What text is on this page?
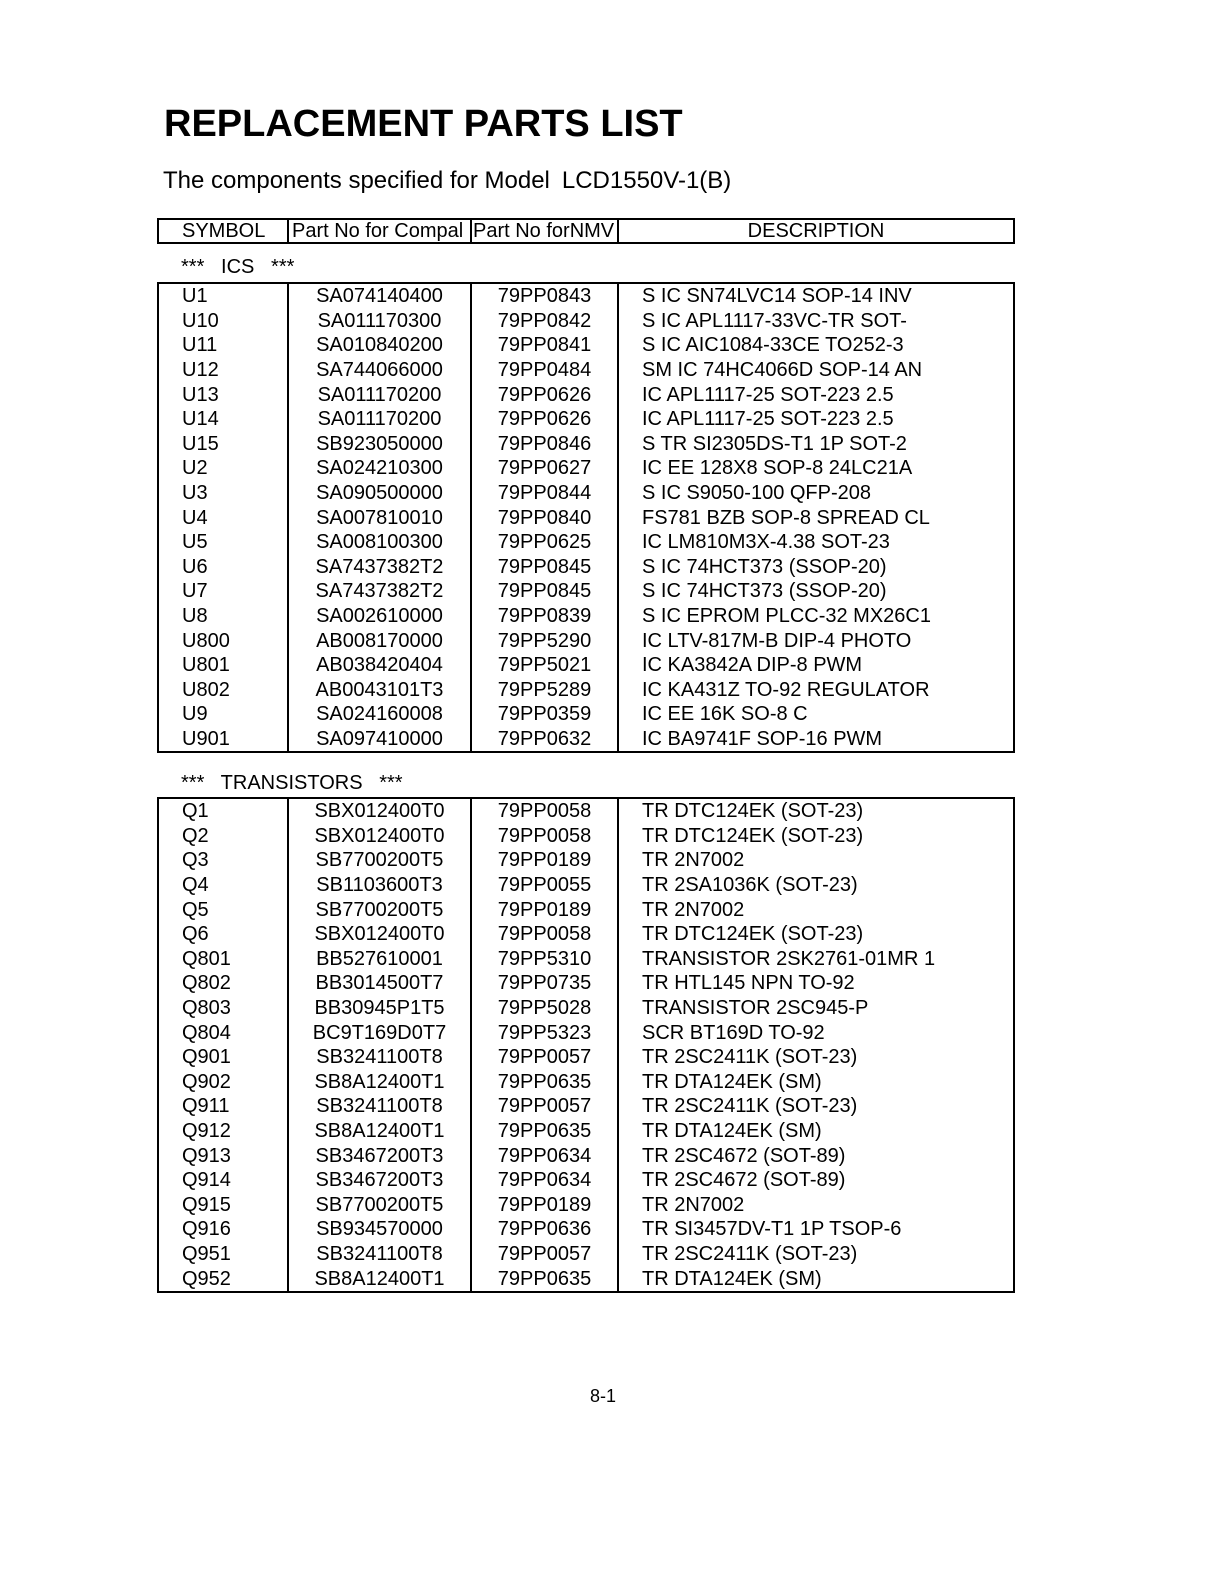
REPLACEMENT PARTS LIST
The components specified for Model LCD1550V-1(B)
SYMBOL	Part No for Compal	Part No forNMV	DESCRIPTION
***   ICS   ***
U1	SA074140400	79PP0843	S IC SN74LVC14 SOP-14 INV
U10	SA011170300	79PP0842	S IC APL1117-33VC-TR SOT-
U11	SA010840200	79PP0841	S IC AIC1084-33CE TO252-3
U12	SA744066000	79PP0484	SM IC 74HC4066D SOP-14 AN
U13	SA011170200	79PP0626	IC APL1117-25 SOT-223 2.5
U14	SA011170200	79PP0626	IC APL1117-25 SOT-223 2.5
U15	SB923050000	79PP0846	S TR SI2305DS-T1 1P SOT-2
U2	SA024210300	79PP0627	IC EE 128X8 SOP-8 24LC21A
U3	SA090500000	79PP0844	S IC S9050-100 QFP-208
U4	SA007810010	79PP0840	FS781 BZB SOP-8 SPREAD CL
U5	SA008100300	79PP0625	IC LM810M3X-4.38 SOT-23
U6	SA7437382T2	79PP0845	S IC 74HCT373 (SSOP-20)
U7	SA7437382T2	79PP0845	S IC 74HCT373 (SSOP-20)
U8	SA002610000	79PP0839	S IC EPROM PLCC-32 MX26C1
U800	AB008170000	79PP5290	IC LTV-817M-B DIP-4 PHOTO
U801	AB038420404	79PP5021	IC KA3842A DIP-8 PWM
U802	AB0043101T3	79PP5289	IC KA431Z TO-92 REGULATOR
U9	SA024160008	79PP0359	IC EE 16K SO-8 C
U901	SA097410000	79PP0632	IC BA9741F SOP-16 PWM
***   TRANSISTORS   ***
Q1	SBX012400T0	79PP0058	TR DTC124EK (SOT-23)
Q2	SBX012400T0	79PP0058	TR DTC124EK (SOT-23)
Q3	SB7700200T5	79PP0189	TR 2N7002
Q4	SB1103600T3	79PP0055	TR 2SA1036K (SOT-23)
Q5	SB7700200T5	79PP0189	TR 2N7002
Q6	SBX012400T0	79PP0058	TR DTC124EK (SOT-23)
Q801	BB527610001	79PP5310	TRANSISTOR 2SK2761-01MR 1
Q802	BB3014500T7	79PP0735	TR HTL145 NPN TO-92
Q803	BB30945P1T5	79PP5028	TRANSISTOR 2SC945-P
Q804	BC9T169D0T7	79PP5323	SCR BT169D TO-92
Q901	SB3241100T8	79PP0057	TR 2SC2411K (SOT-23)
Q902	SB8A12400T1	79PP0635	TR DTA124EK (SM)
Q911	SB3241100T8	79PP0057	TR 2SC2411K (SOT-23)
Q912	SB8A12400T1	79PP0635	TR DTA124EK (SM)
Q913	SB3467200T3	79PP0634	TR 2SC4672 (SOT-89)
Q914	SB3467200T3	79PP0634	TR 2SC4672 (SOT-89)
Q915	SB7700200T5	79PP0189	TR 2N7002
Q916	SB934570000	79PP0636	TR SI3457DV-T1 1P TSOP-6
Q951	SB3241100T8	79PP0057	TR 2SC2411K (SOT-23)
Q952	SB8A12400T1	79PP0635	TR DTA124EK (SM)
8-1
